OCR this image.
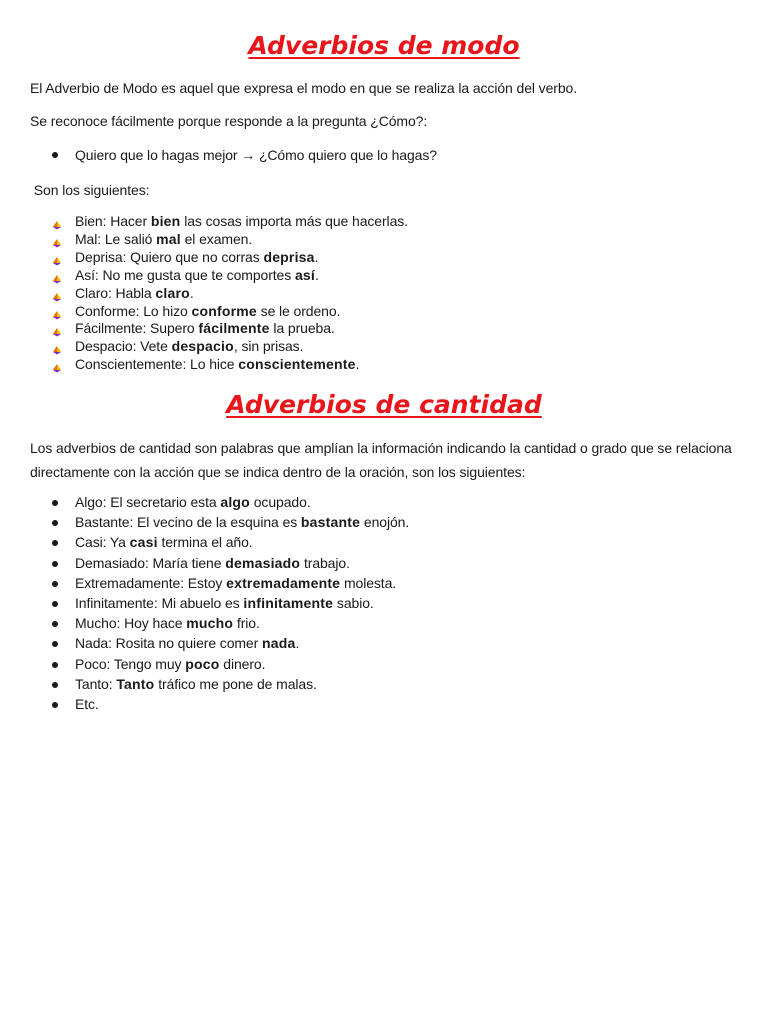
Adverbios de modo

El Adverbio de Modo es aquel que expresa el modo en que se realiza la acción del verbo.

Se reconoce fácilmente porque responde a la pregunta ¿Cómo?:

Quiero que lo hagas mejor → ¿Cómo quiero que lo hagas?

Son los siguientes:

Bien: Hacer bien las cosas importa más que hacerlas.
Mal: Le salió mal el examen.
Deprisa: Quiero que no corras deprisa.
Así: No me gusta que te comportes así.
Claro: Habla claro.
Conforme: Lo hizo conforme se le ordeno.
Fácilmente: Supero fácilmente la prueba.
Despacio: Vete despacio, sin prisas.
Conscientemente: Lo hice conscientemente.
Adverbios de cantidad

Los adverbios de cantidad son palabras que amplían la información indicando la cantidad o grado que se relaciona directamente con la acción que se indica dentro de la oración, son los siguientes:

Algo: El secretario esta algo ocupado.
Bastante: El vecino de la esquina es bastante enojón.
Casi: Ya casi termina el año.
Demasiado: María tiene demasiado trabajo.
Extremadamente: Estoy extremadamente molesta.
Infinitamente: Mi abuelo es infinitamente sabio.
Mucho: Hoy hace mucho frio.
Nada: Rosita no quiere comer nada.
Poco: Tengo muy poco dinero.
Tanto: Tanto tráfico me pone de malas.
Etc.
